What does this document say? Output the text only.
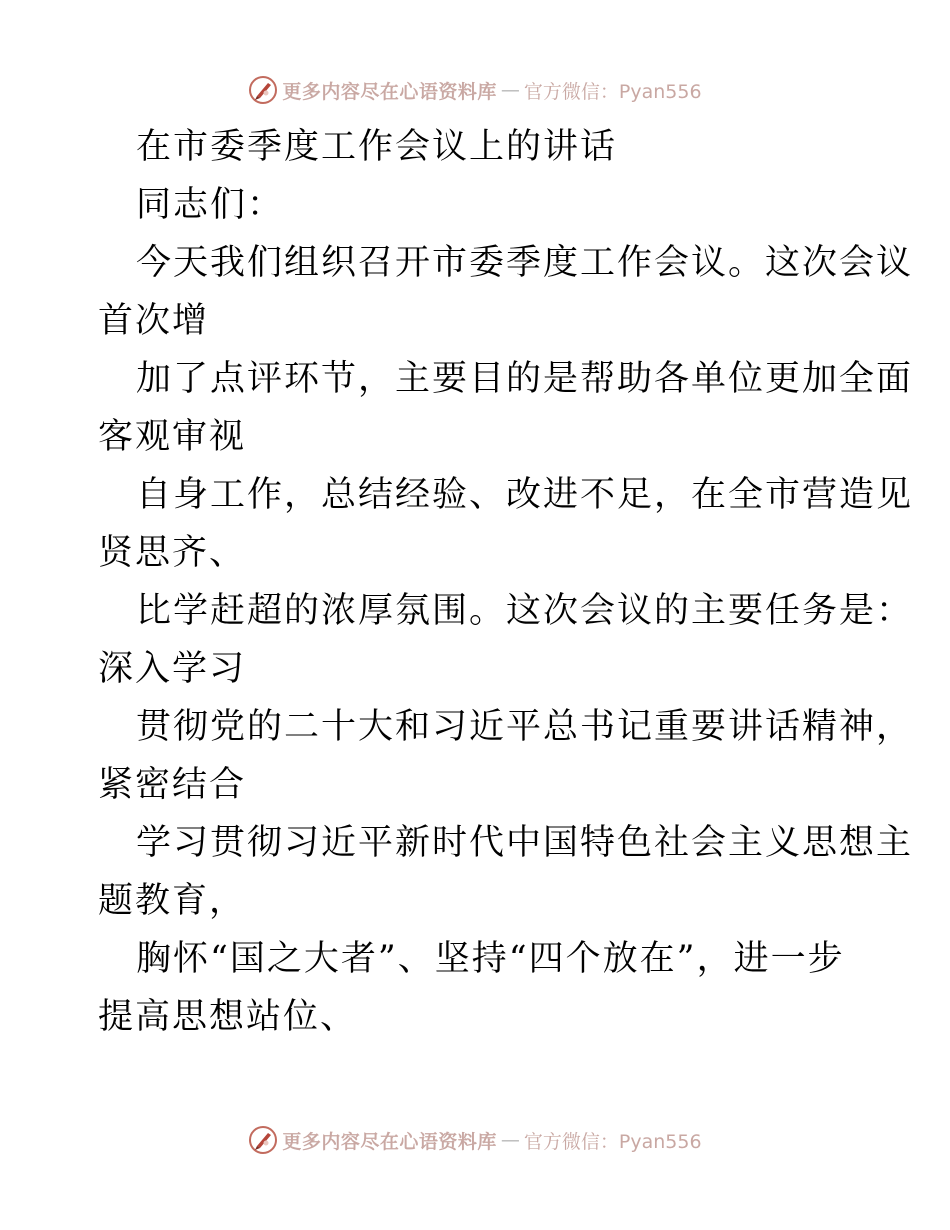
更多内容尽在心语资料库 — 官方微信：Pyan556
在市委季度工作会议上的讲话
同志们：
今天我们组织召开市委季度工作会议。这次会议
首次增
加了点评环节，主要目的是帮助各单位更加全面
客观审视
自身工作，总结经验、改进不足，在全市营造见
贤思齐、
比学赶超的浓厚氛围。这次会议的主要任务是：
深入学习
贯彻党的二十大和习近平总书记重要讲话精神，
紧密结合
学习贯彻习近平新时代中国特色社会主义思想主
题教育，
胸怀“国之大者”、坚持“四个放在”，进一步
提高思想站位、
更多内容尽在心语资料库 — 官方微信：Pyan556
